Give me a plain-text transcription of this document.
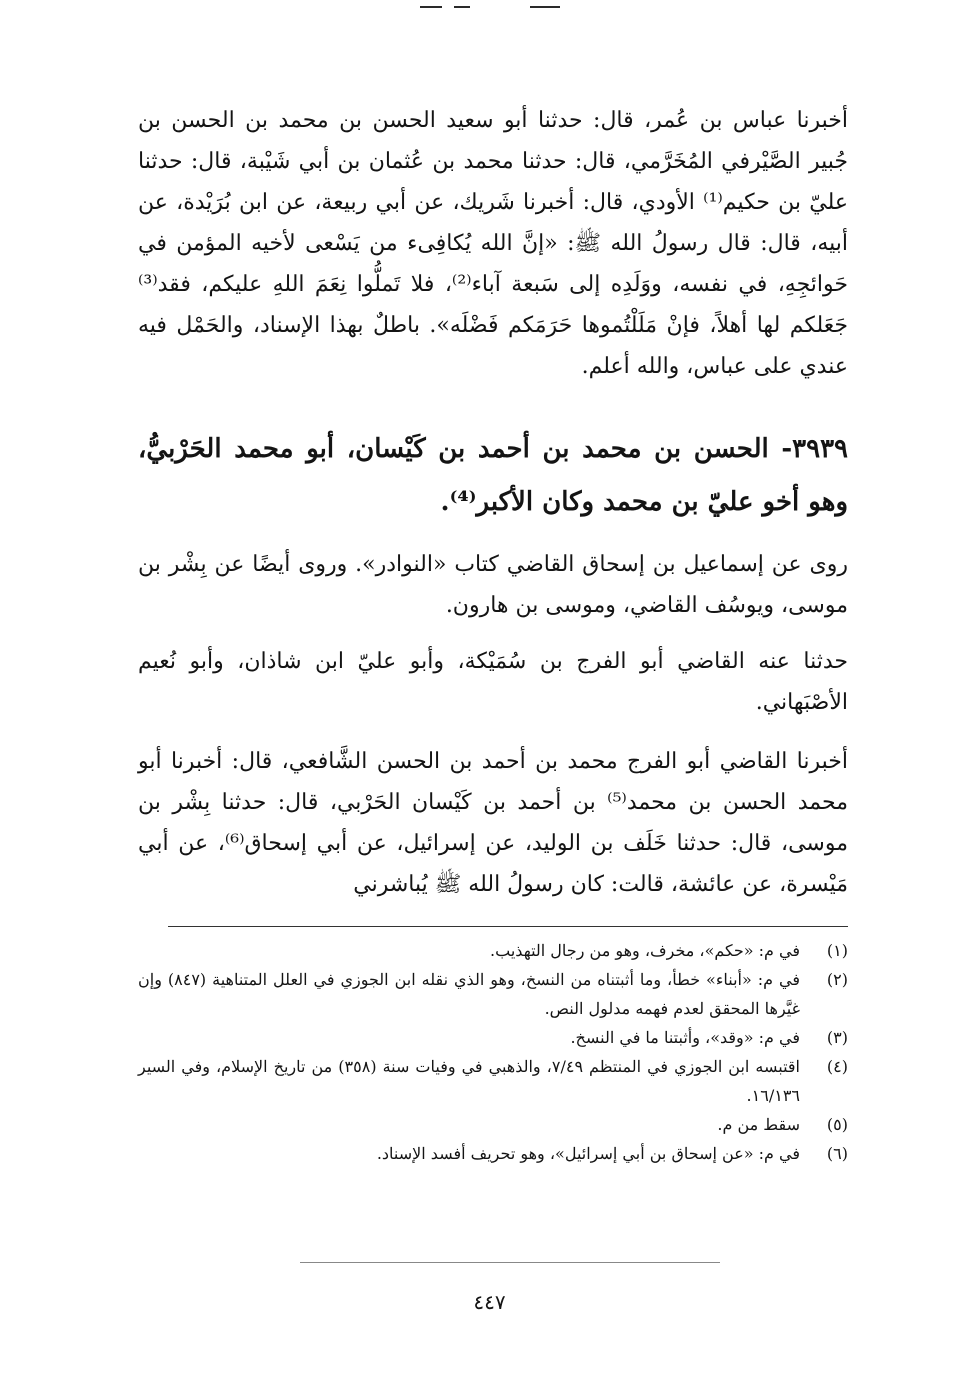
أخبرنا عباس بن عُمر، قال: حدثنا أبو سعيد الحسن بن محمد بن الحسن بن جُبير الصَّيْرفي المُخَرَّمي، قال: حدثنا محمد بن عُثمان بن أبي شَيْبة، قال: حدثنا عليّ بن حكيم⁽¹⁾ الأودي، قال: أخبرنا شَريك، عن أبي ربيعة، عن ابن بُرَيْدة، عن أبيه، قال: قال رسولُ الله ﷺ: «إنَّ الله يُكافِىء من يَسْعى لأخيه المؤمن في حَوائجِهِ، في نفسه، ووَلَدِه إلى سَبعة آباء⁽²⁾، فلا تَملُّوا نِعَمَ اللهِ عليكم، فقد⁽³⁾ جَعَلكم لها أهلاً، فإنْ مَلَلْتُموها حَرَمَكم فَضْلَه». باطلٌ بهذا الإسناد، والحَمْل فيه عندي على عباس، والله أعلم.

٣٩٣٩- الحسن بن محمد بن أحمد بن كَيْسان، أبو محمد الحَرْبيُّ، وهو أخو عليّ بن محمد وكان الأكبر⁽⁴⁾.

روى عن إسماعيل بن إسحاق القاضي كتاب «النوادر». وروى أيضًا عن بِشْر بن موسى، ويوسُف القاضي، وموسى بن هارون.

حدثنا عنه القاضي أبو الفرج بن سُمَيْكة، وأبو عليّ ابن شاذان، وأبو نُعيم الأصْبَهاني.

أخبرنا القاضي أبو الفرج محمد بن أحمد بن الحسن الشَّافعي، قال: أخبرنا أبو محمد الحسن بن محمد⁽⁵⁾ بن أحمد بن كَيْسان الحَرْبي، قال: حدثنا بِشْر بن موسى، قال: حدثنا خَلَف بن الوليد، عن إسرائيل، عن أبي إسحاق⁽⁶⁾، عن أبي مَيْسرة، عن عائشة، قالت: كان رسولُ الله ﷺ يُباشرني

(١)
في م: «حكم»، مخرف، وهو من رجال التهذيب.
(٢)
في م: «أبناء» خطأ، وما أثبتناه من النسخ، وهو الذي نقله ابن الجوزي في العلل المتناهية (٨٤٧) وإن غيَّرها المحقق لعدم فهمه مدلول النص.
(٣)
في م: «وقد»، وأثبتنا ما في النسخ.
(٤)
اقتبسه ابن الجوزي في المنتظم ٧/٤٩، والذهبي في وفيات سنة (٣٥٨) من تاريخ الإسلام، وفي السير ١٦/١٣٦.
(٥)
سقط من م.
(٦)
في م: «عن إسحاق بن أبي إسرائيل»، وهو تحريف أفسد الإسناد.
٤٤٧
